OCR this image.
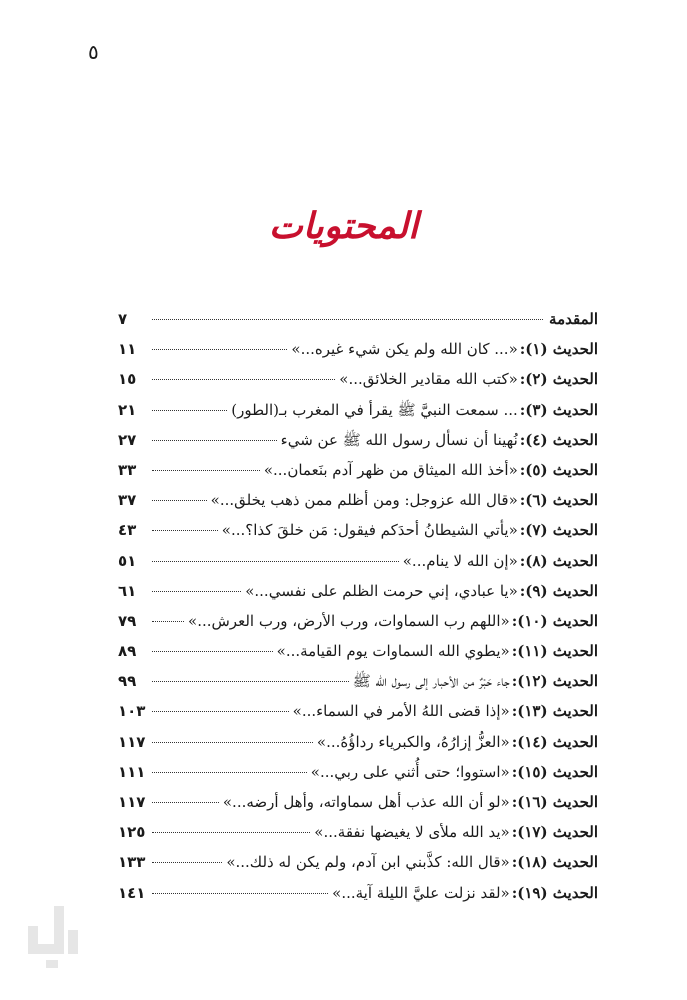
٥
المحتويات
المقدمة
٧
الحديث (١):
«... كان الله ولم يكن شيء غيره...»
١١
الحديث (٢):
«كتب الله مقادير الخلائق...»
١٥
الحديث (٣):
... سمعت النبيَّ ﷺ يقرأ في المغرب بـ(الطور)
٢١
الحديث (٤):
نُهينا أن نسأل رسول الله ﷺ عن شيء
٢٧
الحديث (٥):
«أخذ الله الميثاق من ظهر آدم بنَعمان...»
٣٣
الحديث (٦):
«قال الله عزوجل: ومن أظلم ممن ذهب يخلق...»
٣٧
الحديث (٧):
«يأتي الشيطانُ أحدَكم فيقول: مَن خلقَ كذا؟...»
٤٣
الحديث (٨):
«إن الله لا ينام...»
٥١
الحديث (٩):
«يا عبادي، إني حرمت الظلم على نفسي...»
٦١
الحديث (١٠):
«اللهم رب السماوات، ورب الأرض، ورب العرش...»
٧٩
الحديث (١١):
«يطوي الله السماوات يوم القيامة...»
٨٩
الحديث (١٢):
جاء حَبْرٌ من الأحبار إلى رسول الله ﷺ
٩٩
الحديث (١٣):
«إذا قضى اللهُ الأمر في السماء...»
١٠٣
الحديث (١٤):
«العزُّ إزارُهُ، والكبرياء رداؤُهُ...»
١١٧
الحديث (١٥):
«استووا؛ حتى أُثني على ربي...»
١١١
الحديث (١٦):
«لو أن الله عذب أهل سماواته، وأهل أرضه...»
١١٧
الحديث (١٧):
«يد الله ملأى لا يغيضها نفقة...»
١٢٥
الحديث (١٨):
«قال الله: كذَّبني ابن آدم، ولم يكن له ذلك...»
١٣٣
الحديث (١٩):
«لقد نزلت عليَّ الليلة آية...»
١٤١
